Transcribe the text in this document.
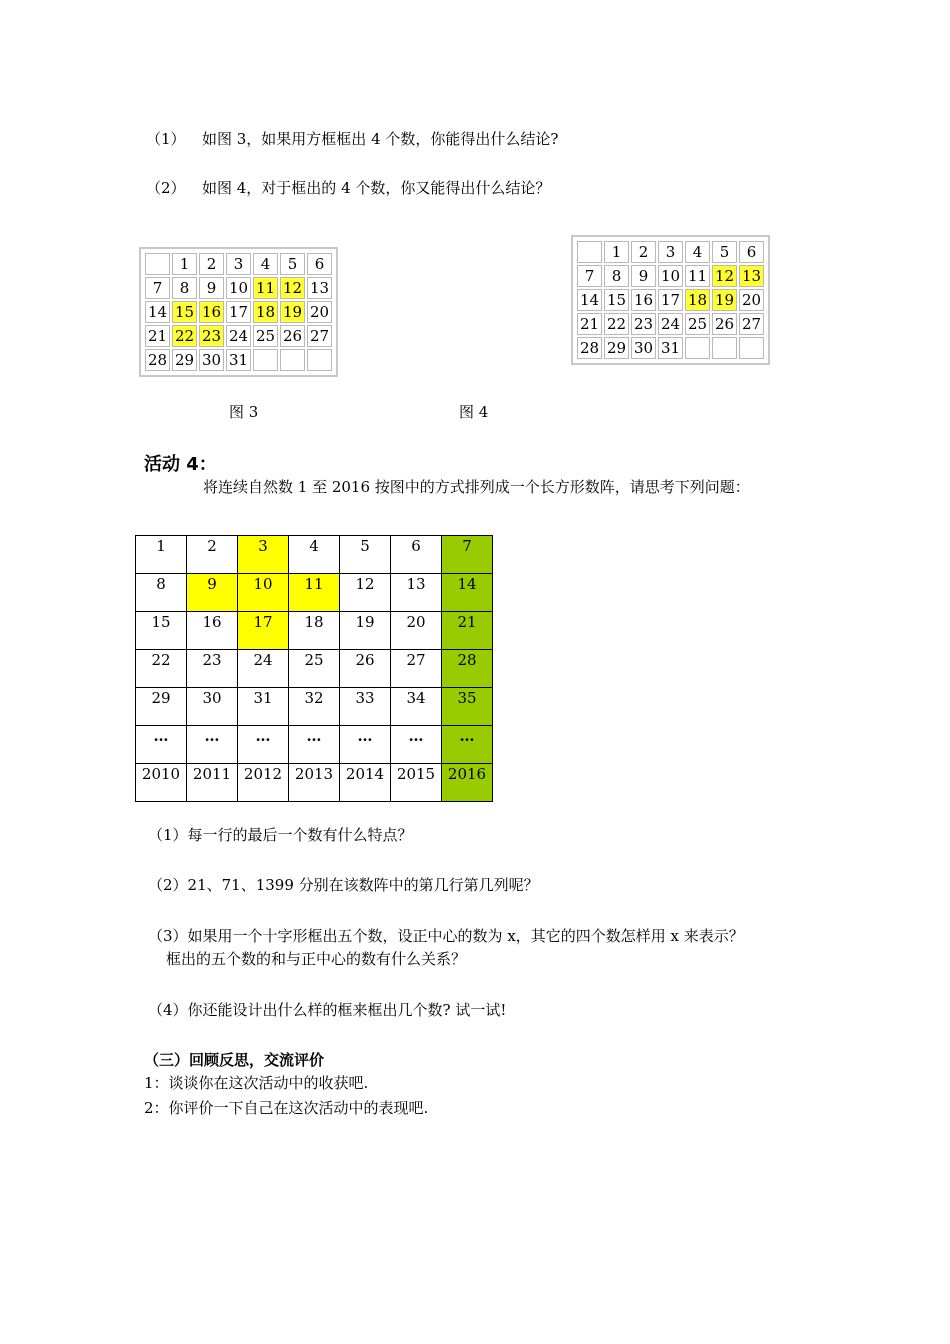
（1） 如图 3，如果用方框框出 4 个数，你能得出什么结论?
（2） 如图 4，对于框出的 4 个数，你又能得出什么结论？
	1	2	3	4	5	6
7	8	9	10	11	12	13
14	15	16	17	18	19	20
21	22	23	24	25	26	27
28	29	30	31			
图 3
	1	2	3	4	5	6
7	8	9	10	11	12	13
14	15	16	17	18	19	20
21	22	23	24	25	26	27
28	29	30	31			
图 4
活动 4：
将连续自然数 1 至 2016 按图中的方式排列成一个长方形数阵，请思考下列问题：
1	2	3	4	5	6	7
8	9	10	11	12	13	14
15	16	17	18	19	20	21
22	23	24	25	26	27	28
29	30	31	32	33	34	35
…	…	…	…	…	…	…
2010	2011	2012	2013	2014	2015	2016
（1）每一行的最后一个数有什么特点？
（2）21、71、1399 分别在该数阵中的第几行第几列呢？
（3）如果用一个十字形框出五个数，设正中心的数为 x，其它的四个数怎样用 x 来表示？
框出的五个数的和与正中心的数有什么关系？
（4）你还能设计出什么样的框来框出几个数? 试一试!
（三）回顾反思，交流评价
1：谈谈你在这次活动中的收获吧.
2：你评价一下自己在这次活动中的表现吧.
